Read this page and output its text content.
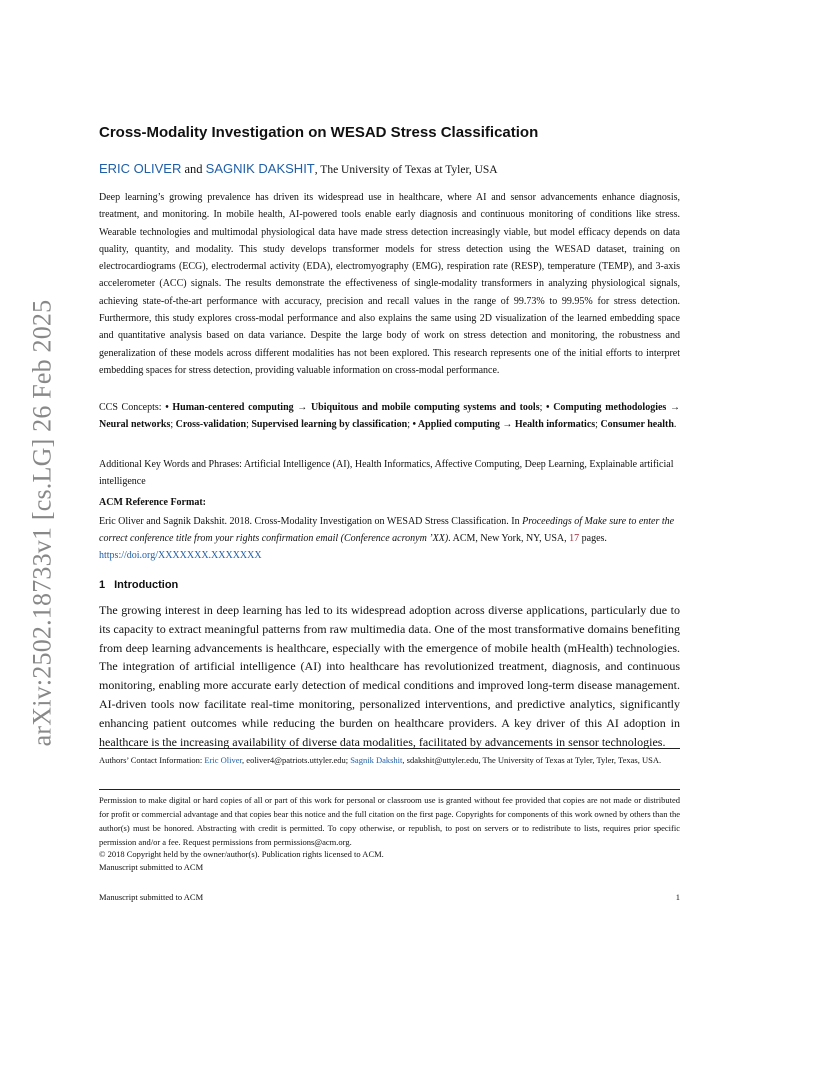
arXiv:2502.18733v1 [cs.LG] 26 Feb 2025
Cross-Modality Investigation on WESAD Stress Classification
ERIC OLIVER and SAGNIK DAKSHIT, The University of Texas at Tyler, USA

Deep learning’s growing prevalence has driven its widespread use in healthcare, where AI and sensor advancements enhance diagnosis, treatment, and monitoring. In mobile health, AI-powered tools enable early diagnosis and continuous monitoring of conditions like stress. Wearable technologies and multimodal physiological data have made stress detection increasingly viable, but model efficacy depends on data quality, quantity, and modality. This study develops transformer models for stress detection using the WESAD dataset, training on electrocardiograms (ECG), electrodermal activity (EDA), electromyography (EMG), respiration rate (RESP), temperature (TEMP), and 3-axis accelerometer (ACC) signals. The results demonstrate the effectiveness of single-modality transformers in analyzing physiological signals, achieving state-of-the-art performance with accuracy, precision and recall values in the range of 99.73% to 99.95% for stress detection. Furthermore, this study explores cross-modal performance and also explains the same using 2D visualization of the learned embedding space and quantitative analysis based on data variance. Despite the large body of work on stress detection and monitoring, the robustness and generalization of these models across different modalities has not been explored. This research represents one of the initial efforts to interpret embedding spaces for stress detection, providing valuable information on cross-modal performance.

CCS Concepts: • Human-centered computing → Ubiquitous and mobile computing systems and tools; • Computing methodologies → Neural networks; Cross-validation; Supervised learning by classification; • Applied computing → Health informatics; Consumer health.

Additional Key Words and Phrases: Artificial Intelligence (AI), Health Informatics, Affective Computing, Deep Learning, Explainable artificial intelligence

ACM Reference Format:

Eric Oliver and Sagnik Dakshit. 2018. Cross-Modality Investigation on WESAD Stress Classification. In Proceedings of Make sure to enter the correct conference title from your rights confirmation email (Conference acronym ’XX). ACM, New York, NY, USA, 17 pages. https://doi.org/XXXXXXX.XXXXXXX

1 Introduction

The growing interest in deep learning has led to its widespread adoption across diverse applications, particularly due to its capacity to extract meaningful patterns from raw multimedia data. One of the most transformative domains benefiting from deep learning advancements is healthcare, especially with the emergence of mobile health (mHealth) technologies. The integration of artificial intelligence (AI) into healthcare has revolutionized treatment, diagnosis, and continuous monitoring, enabling more accurate early detection of medical conditions and improved long-term disease management. AI-driven tools now facilitate real-time monitoring, personalized interventions, and predictive analytics, significantly enhancing patient outcomes while reducing the burden on healthcare providers. A key driver of this AI adoption in healthcare is the increasing availability of diverse data modalities, facilitated by advancements in sensor technologies.

Authors’ Contact Information: Eric Oliver, eoliver4@patriots.uttyler.edu; Sagnik Dakshit, sdakshit@uttyler.edu, The University of Texas at Tyler, Tyler, Texas, USA.

Permission to make digital or hard copies of all or part of this work for personal or classroom use is granted without fee provided that copies are not made or distributed for profit or commercial advantage and that copies bear this notice and the full citation on the first page. Copyrights for components of this work owned by others than the author(s) must be honored. Abstracting with credit is permitted. To copy otherwise, or republish, to post on servers or to redistribute to lists, requires prior specific permission and/or a fee. Request permissions from permissions@acm.org.

© 2018 Copyright held by the owner/author(s). Publication rights licensed to ACM.

Manuscript submitted to ACM

Manuscript submitted to ACM	1
